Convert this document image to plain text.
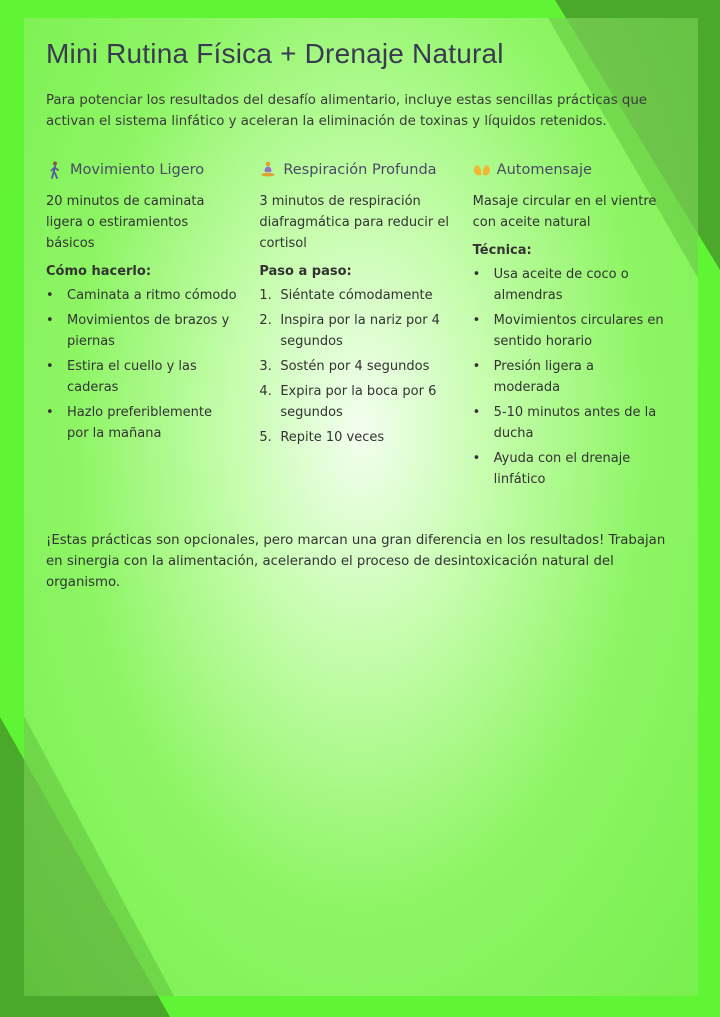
Mini Rutina Física + Drenaje Natural

Para potenciar los resultados del desafío alimentario, incluye estas sencillas prácticas que activan el sistema linfático y aceleran la eliminación de toxinas y líquidos retenidos.

Movimiento Ligero

20 minutos de caminata ligera o estiramientos básicos

Cómo hacerlo:

• Caminata a ritmo cómodo
• Movimientos de brazos y piernas
• Estira el cuello y las caderas
• Hazlo preferiblemente por la mañana
Respiración Profunda

3 minutos de respiración diafragmática para reducir el cortisol

Paso a paso:

1. Siéntate cómodamente
2. Inspira por la nariz por 4 segundos
3. Sostén por 4 segundos
4. Expira por la boca por 6 segundos
5. Repite 10 veces
Automensaje

Masaje circular en el vientre con aceite natural

Técnica:

• Usa aceite de coco o almendras
• Movimientos circulares en sentido horario
• Presión ligera a moderada
• 5-10 minutos antes de la ducha
• Ayuda con el drenaje linfático

¡Estas prácticas son opcionales, pero marcan una gran diferencia en los resultados! Trabajan en sinergia con la alimentación, acelerando el proceso de desintoxicación natural del organismo.
